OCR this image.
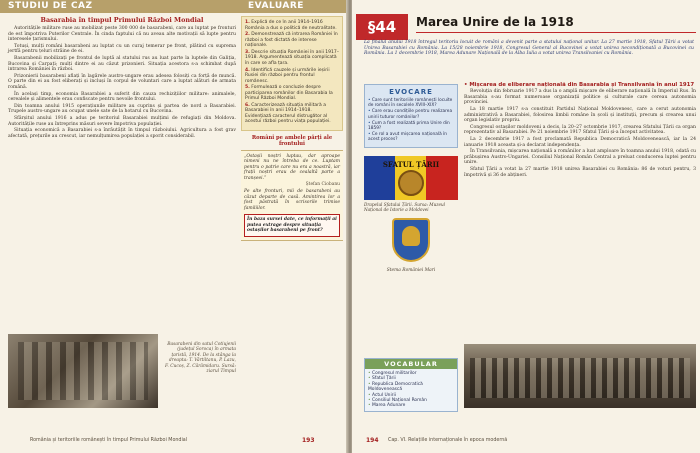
STUDIU DE CAZ	EVALUARE
Basarabia în timpul Primului Război Mondial

Autoritățile militare ruse au mobilizat peste 300 000 de basarabeni, care au luptat pe fronturi de est împotriva Puterilor Centrale. În cinda faptului că nu aveau alte motivații să lupte pentru interesele țarismului.

Totuși, mulți români basarabeni au luptat cu un curaj temerar pe front, plătind cu suprema jertfă pentru țeluri străine de ei.

Basarabenii mobilizați pe frontul de luptă al statului rus au luat parte la luptele din Galiția, Bucovina și Carpați; mulți dintre ei au căzut prizonieri. Situația acestora s-a schimbat după intrarea României în război.

Prizonierii basarabeni aflați în lagărele austro-ungare erau adesea folosiți ca forță de muncă. O parte din ei au fost eliberați și incluși în corpul de voluntari care a luptat alături de armata română.

În același timp, economia Basarabiei a suferit din cauza rechizițiilor militare: animalele, cerealele și alimentele erau confiscate pentru nevoile frontului.

Din toamna anului 1915 operațiunile militare au cuprins și partea de nord a Basarabiei. Trupele austro-ungare au ocupat unele sate de la hotarul cu Bucovina.

Sfârșitul anului 1916 a adus pe teritoriul Basarabiei mulțimi de refugiați din Moldova. Autoritățile ruse au întreprins măsuri severe împotriva populației.

Situația economică a Basarabiei s-a înrăutățit în timpul războiului. Agricultura a fost grav afectată, prețurile au crescut, iar nemulțumirea populației a sporit considerabil.

Basarabeni din satul Cotiujenii (județul Soroca) în armata țaristă, 1914. De la stânga la dreapta: T. Vârtiltanu, P. Lazu, F. Cucoș, Z. Cărămidaru. Sursă: ziarul Timpul
1. Explică de ce în anii 1914–1916 România a dus o politică de neutralitate.
2. Demonstrează că intrarea României în război a fost dictată de interese naționale.
3. Descrie situația României în anii 1917–1918. Argumentează situația complicată în care se afla țara.
4. Identifică cauzele și urmările ieșirii Rusiei din război pentru frontul românesc.
5. Formulează o concluzie despre participarea românilor din Basarabia la Primul Război Mondial.
6. Caracterizează situația militară a Basarabiei în anii 1914–1918. Evidențiază caracterul distrugător al acestui război pentru viața populației.
Români pe ambele părți ale frontului
„Ostașii noștri luptau, dar aproape nimeni nu ne întreba de ce. Luptam pentru o patrie care nu era a noastră, iar frații noștri erau de cealaltă parte a tranșeei.”
Ștefan Ciobanu
Pe alte fronturi, mii de basarabeni au căzut departe de casă. Amintirea lor a fost păstrată în scrisorile trimise familiilor.
În baza sursei date, ce informații ai putea extrage despre situația ostașilor basarabeni pe front?
România și teritoriile românești în timpul Primului Război Mondial	193
§44 Marea Unire de la 1918
La finalul anului 1918 întregul teritoriu locuit de români a devenit parte a statului național unitar. La 27 martie 1918, Sfatul Țării a votat Unirea Basarabiei cu România. La 15/28 noiembrie 1918, Congresul General al Bucovinei a votat unirea necondiționată a Bucovinei cu România. La 1 decembrie 1918, Marea Adunare Națională de la Alba Iulia a votat unirea Transilvaniei cu România.
EVOCARE
• Care sunt teritoriile românești locuite de români în secolele XVIII–XIX?
• Care erau condițiile pentru realizarea unirii tuturor românilor?
• Cum a fost realizată prima Unire din 1859?
• Ce rol a avut mișcarea națională în acest proces?
SFATUL ȚĂRII
Drapelul Sfatului Țării. Sursa: Muzeul Național de Istorie a Moldovei
Stema României Mari
VOCABULAR
• Congresul militarilor
• Sfatul Țării
• Republica Democratică Moldovenească
• Actul Unirii
• Consiliul Național Român
• Marea Adunare
• Mișcarea de eliberare națională din Basarabia și Transilvania în anul 1917

Revoluția din februarie 1917 a dus la o amplă mișcare de eliberare națională în Imperiul Rus. În Basarabia s-au format numeroase organizații politice și culturale care cereau autonomia provinciei.

La 18 martie 1917 s-a constituit Partidul Național Moldovenesc, care a cerut autonomia administrativă a Basarabiei, folosirea limbii române în școli și instituții, precum și crearea unui organ legislativ propriu.

Congresul ostașilor moldoveni a decis, la 20–27 octombrie 1917, crearea Sfatului Țării ca organ reprezentativ al Basarabiei. Pe 21 noiembrie 1917 Sfatul Țării și-a început activitatea.

La 2 decembrie 1917 a fost proclamată Republica Democratică Moldovenească, iar la 24 ianuarie 1918 aceasta și-a declarat independența.

În Transilvania, mișcarea națională a românilor a luat amploare în toamna anului 1918, odată cu prăbușirea Austro-Ungariei. Consiliul Național Român Central a preluat conducerea luptei pentru unire.

Sfatul Țării a votat la 27 martie 1918 unirea Basarabiei cu România: 86 de voturi pentru, 3 împotrivă și 36 de abțineri.

194 Cap. VI. Relațiile internaționale în epoca modernă
